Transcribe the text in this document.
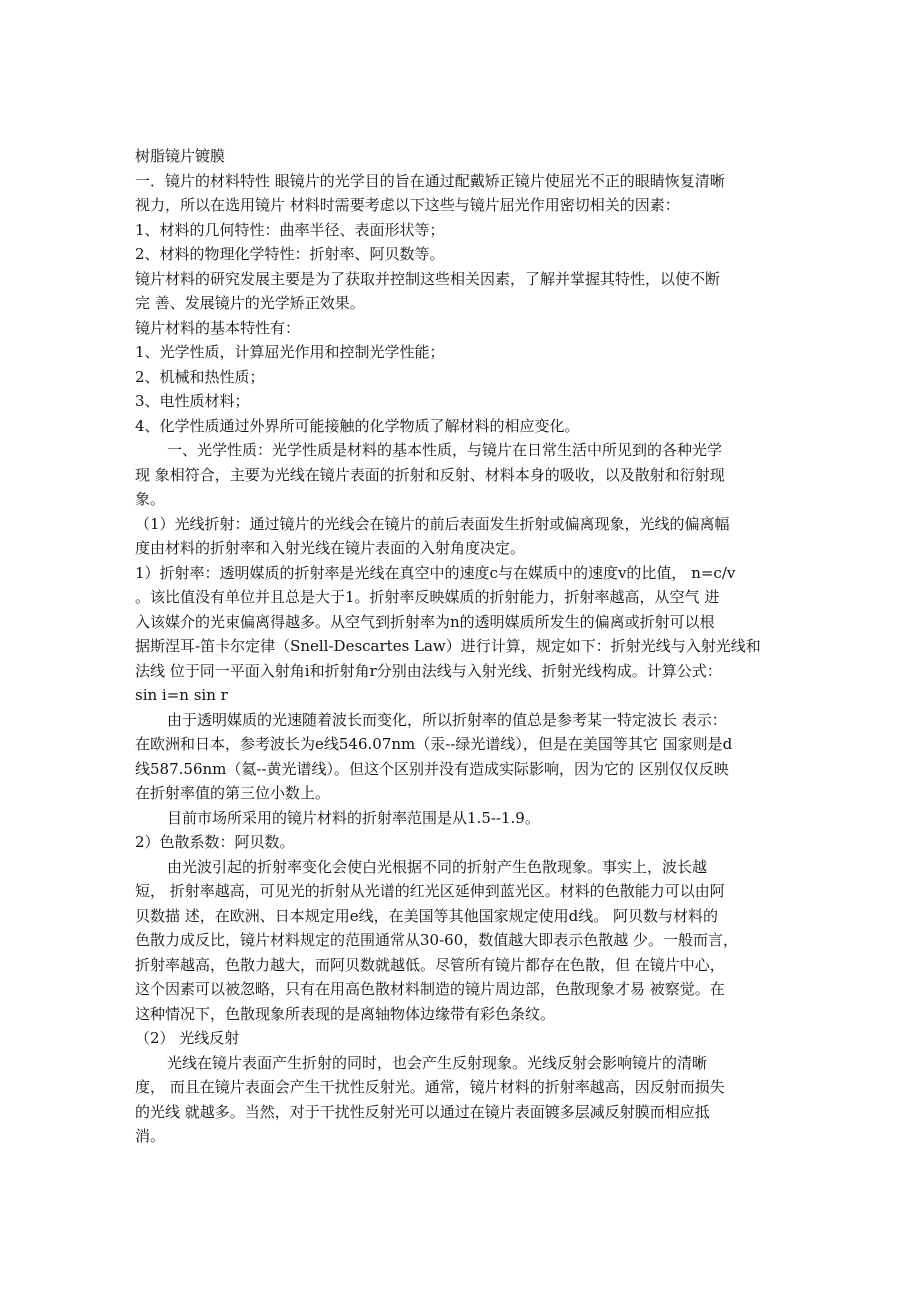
树脂镜片镀膜

一．镜片的材料特性 眼镜片的光学目的旨在通过配戴矫正镜片使屈光不正的眼睛恢复清晰

视力，所以在选用镜片 材料时需要考虑以下这些与镜片屈光作用密切相关的因素：

1、材料的几何特性：曲率半径、表面形状等；

2、材料的物理化学特性：折射率、阿贝数等。

镜片材料的研究发展主要是为了获取并控制这些相关因素，了解并掌握其特性，以使不断

完 善、发展镜片的光学矫正效果。

镜片材料的基本特性有：

1、光学性质，计算屈光作用和控制光学性能；

2、机械和热性质；

3、电性质材料；

4、化学性质通过外界所可能接触的化学物质了解材料的相应变化。

一、光学性质：光学性质是材料的基本性质，与镜片在日常生活中所见到的各种光学

现 象相符合，主要为光线在镜片表面的折射和反射、材料本身的吸收，以及散射和衍射现

象。

（1）光线折射：通过镜片的光线会在镜片的前后表面发生折射或偏离现象，光线的偏离幅

度由材料的折射率和入射光线在镜片表面的入射角度决定。

1）折射率：透明媒质的折射率是光线在真空中的速度c与在媒质中的速度v的比值， n=c/v

。该比值没有单位并且总是大于1。折射率反映媒质的折射能力，折射率越高，从空气 进

入该媒介的光束偏离得越多。从空气到折射率为n的透明媒质所发生的偏离或折射可以根

据斯涅耳-笛卡尔定律（Snell-Descartes Law）进行计算，规定如下：折射光线与入射光线和

法线 位于同一平面入射角i和折射角r分别由法线与入射光线、折射光线构成。计算公式：

sin i=n sin r

由于透明媒质的光速随着波长而变化，所以折射率的值总是参考某一特定波长 表示：

在欧洲和日本，参考波长为e线546.07nm（汞--绿光谱线），但是在美国等其它 国家则是d

线587.56nm（氦--黄光谱线）。但这个区别并没有造成实际影响，因为它的 区别仅仅反映

在折射率值的第三位小数上。

目前市场所采用的镜片材料的折射率范围是从1.5--1.9。

2）色散系数：阿贝数。

由光波引起的折射率变化会使白光根据不同的折射产生色散现象。事实上，波长越

短， 折射率越高，可见光的折射从光谱的红光区延伸到蓝光区。材料的色散能力可以由阿

贝数描 述，在欧洲、日本规定用e线，在美国等其他国家规定使用d线。 阿贝数与材料的

色散力成反比，镜片材料规定的范围通常从30-60，数值越大即表示色散越 少。一般而言，

折射率越高，色散力越大，而阿贝数就越低。尽管所有镜片都存在色散，但 在镜片中心，

这个因素可以被忽略，只有在用高色散材料制造的镜片周边部，色散现象才易 被察觉。在

这种情况下，色散现象所表现的是离轴物体边缘带有彩色条纹。

（2） 光线反射

光线在镜片表面产生折射的同时，也会产生反射现象。光线反射会影响镜片的清晰

度， 而且在镜片表面会产生干扰性反射光。通常，镜片材料的折射率越高，因反射而损失

的光线 就越多。当然，对于干扰性反射光可以通过在镜片表面镀多层减反射膜而相应抵

消。
